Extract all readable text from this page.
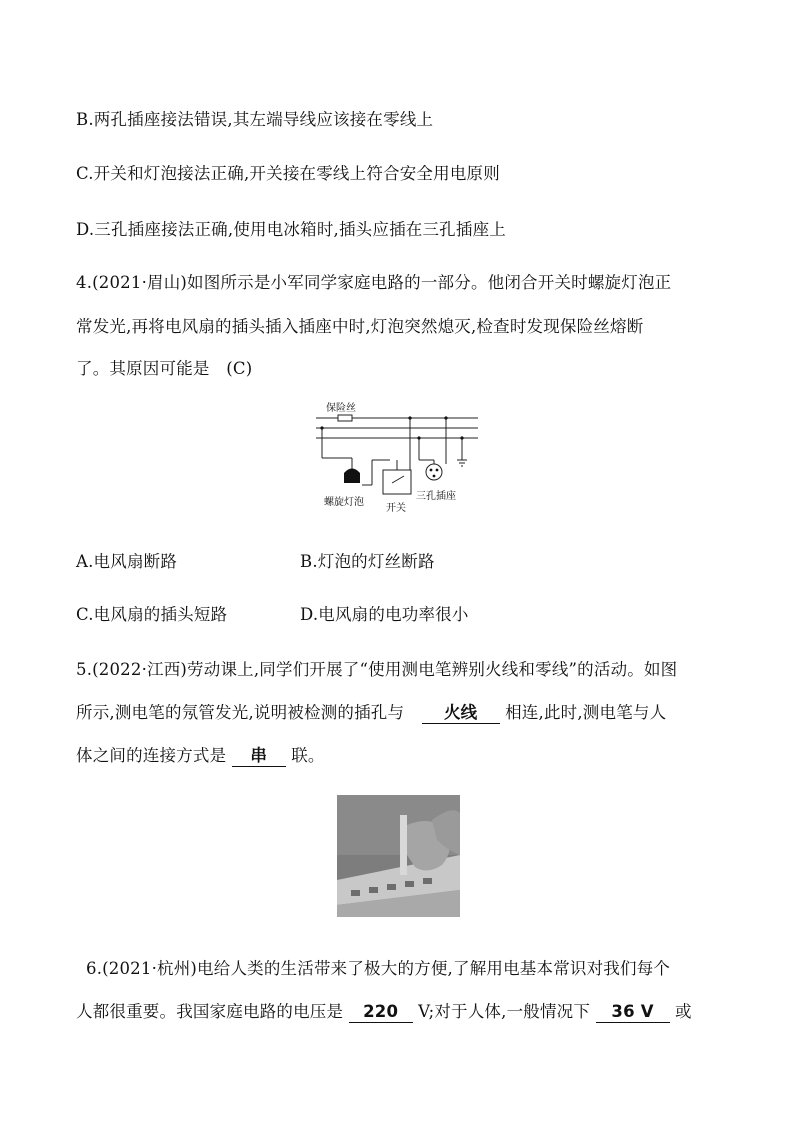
B.两孔插座接法错误,其左端导线应该接在零线上
C.开关和灯泡接法正确,开关接在零线上符合安全用电原则
D.三孔插座接法正确,使用电冰箱时,插头应插在三孔插座上
4.(2021·眉山)如图所示是小军同学家庭电路的一部分。他闭合开关时螺旋灯泡正
常发光,再将电风扇的插头插入插座中时,灯泡突然熄灭,检查时发现保险丝熔断
了。其原因可能是　(C)
保险丝
螺旋灯泡
开关
三孔插座
A.电风扇断路	B.灯泡的灯丝断路
C.电风扇的插头短路	D.电风扇的电功率很小
5.(2022·江西)劳动课上,同学们开展了“使用测电笔辨别火线和零线”的活动。如图
所示,测电笔的氖管发光,说明被检测的插孔与 火线 相连,此时,测电笔与人
体之间的连接方式是 串 联。
6.(2021·杭州)电给人类的生活带来了极大的方便,了解用电基本常识对我们每个
人都很重要。我国家庭电路的电压是 220 V;对于人体,一般情况下 36 V 或
